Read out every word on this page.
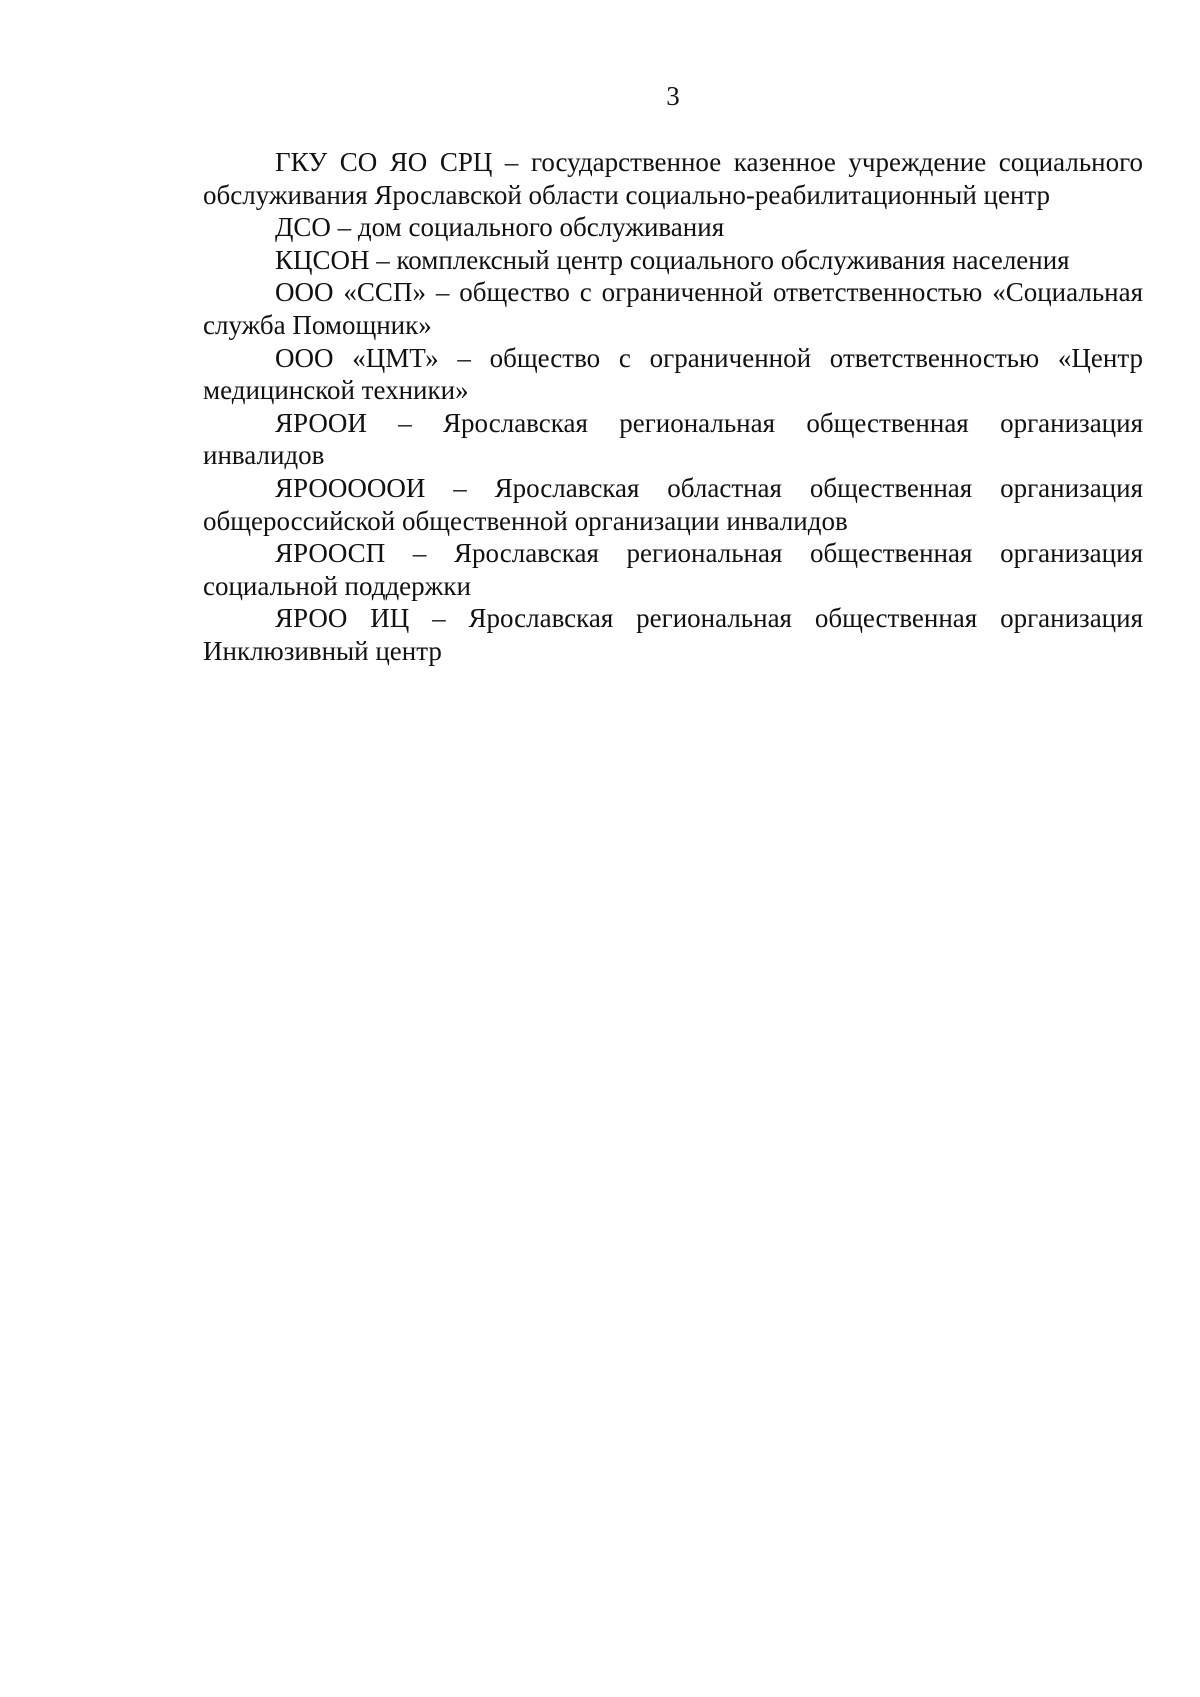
3

ГКУ СО ЯО СРЦ – государственное казенное учреждение социального обслуживания Ярославской области социально-реабилитационный центр

ДСО – дом социального обслуживания

КЦСОН – комплексный центр социального обслуживания населения

ООО «ССП» – общество с ограниченной ответственностью «Социальная служба Помощник»

ООО «ЦМТ» – общество с ограниченной ответственностью «Центр медицинской техники»

ЯРООИ – Ярославская региональная общественная организация инвалидов

ЯРОООООИ – Ярославская областная общественная организация общероссийской общественной организации инвалидов

ЯРООСП – Ярославская региональная общественная организация социальной поддержки

ЯРОО ИЦ – Ярославская региональная общественная организация Инклюзивный центр
